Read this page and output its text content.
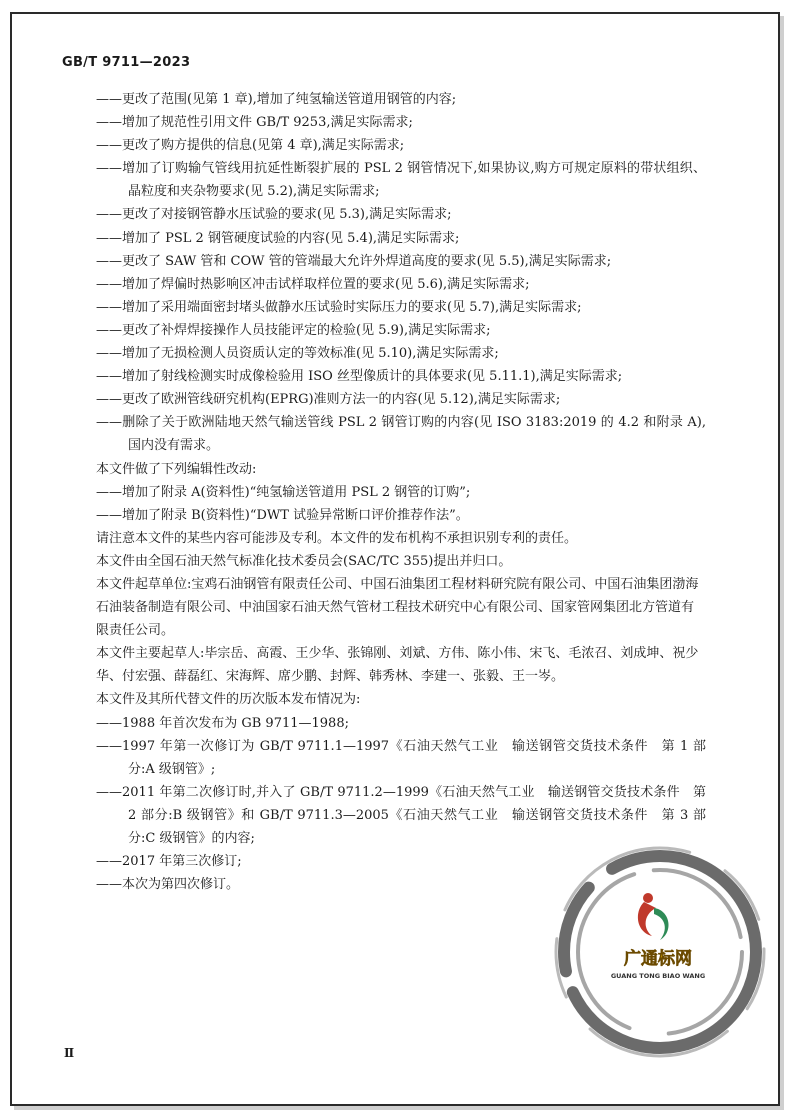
GB/T 9711—2023
——更改了范围(见第 1 章),增加了纯氢输送管道用钢管的内容;
——增加了规范性引用文件 GB/T 9253,满足实际需求;
——更改了购方提供的信息(见第 4 章),满足实际需求;
——增加了订购输气管线用抗延性断裂扩展的 PSL 2 钢管情况下,如果协议,购方可规定原料的带状组织、晶粒度和夹杂物要求(见 5.2),满足实际需求;
——更改了对接钢管静水压试验的要求(见 5.3),满足实际需求;
——增加了 PSL 2 钢管硬度试验的内容(见 5.4),满足实际需求;
——更改了 SAW 管和 COW 管的管端最大允许外焊道高度的要求(见 5.5),满足实际需求;
——增加了焊偏时热影响区冲击试样取样位置的要求(见 5.6),满足实际需求;
——增加了采用端面密封堵头做静水压试验时实际压力的要求(见 5.7),满足实际需求;
——更改了补焊焊接操作人员技能评定的检验(见 5.9),满足实际需求;
——增加了无损检测人员资质认定的等效标准(见 5.10),满足实际需求;
——增加了射线检测实时成像检验用 ISO 丝型像质计的具体要求(见 5.11.1),满足实际需求;
——更改了欧洲管线研究机构(EPRG)准则方法一的内容(见 5.12),满足实际需求;
——删除了关于欧洲陆地天然气输送管线 PSL 2 钢管订购的内容(见 ISO 3183:2019 的 4.2 和附录 A),国内没有需求。
本文件做了下列编辑性改动:
——增加了附录 A(资料性)“纯氢输送管道用 PSL 2 钢管的订购”;
——增加了附录 B(资料性)“DWT 试验异常断口评价推荐作法”。
请注意本文件的某些内容可能涉及专利。本文件的发布机构不承担识别专利的责任。
本文件由全国石油天然气标准化技术委员会(SAC/TC 355)提出并归口。
本文件起草单位:宝鸡石油钢管有限责任公司、中国石油集团工程材料研究院有限公司、中国石油集团渤海石油装备制造有限公司、中油国家石油天然气管材工程技术研究中心有限公司、国家管网集团北方管道有限责任公司。
本文件主要起草人:毕宗岳、高霞、王少华、张锦刚、刘斌、方伟、陈小伟、宋飞、毛浓召、刘成坤、祝少华、付宏强、薛磊红、宋海辉、席少鹏、封辉、韩秀林、李建一、张毅、王一岑。
本文件及其所代替文件的历次版本发布情况为:
——1988 年首次发布为 GB 9711—1988;
——1997 年第一次修订为 GB/T 9711.1—1997《石油天然气工业　输送钢管交货技术条件　第 1 部分:A 级钢管》;
——2011 年第二次修订时,并入了 GB/T 9711.2—1999《石油天然气工业　输送钢管交货技术条件　第 2 部分:B 级钢管》和 GB/T 9711.3—2005《石油天然气工业　输送钢管交货技术条件　第 3 部分:C 级钢管》的内容;
——2017 年第三次修订;
——本次为第四次修订。
Ⅱ
广通标网
GUANG TONG BIAO WANG
